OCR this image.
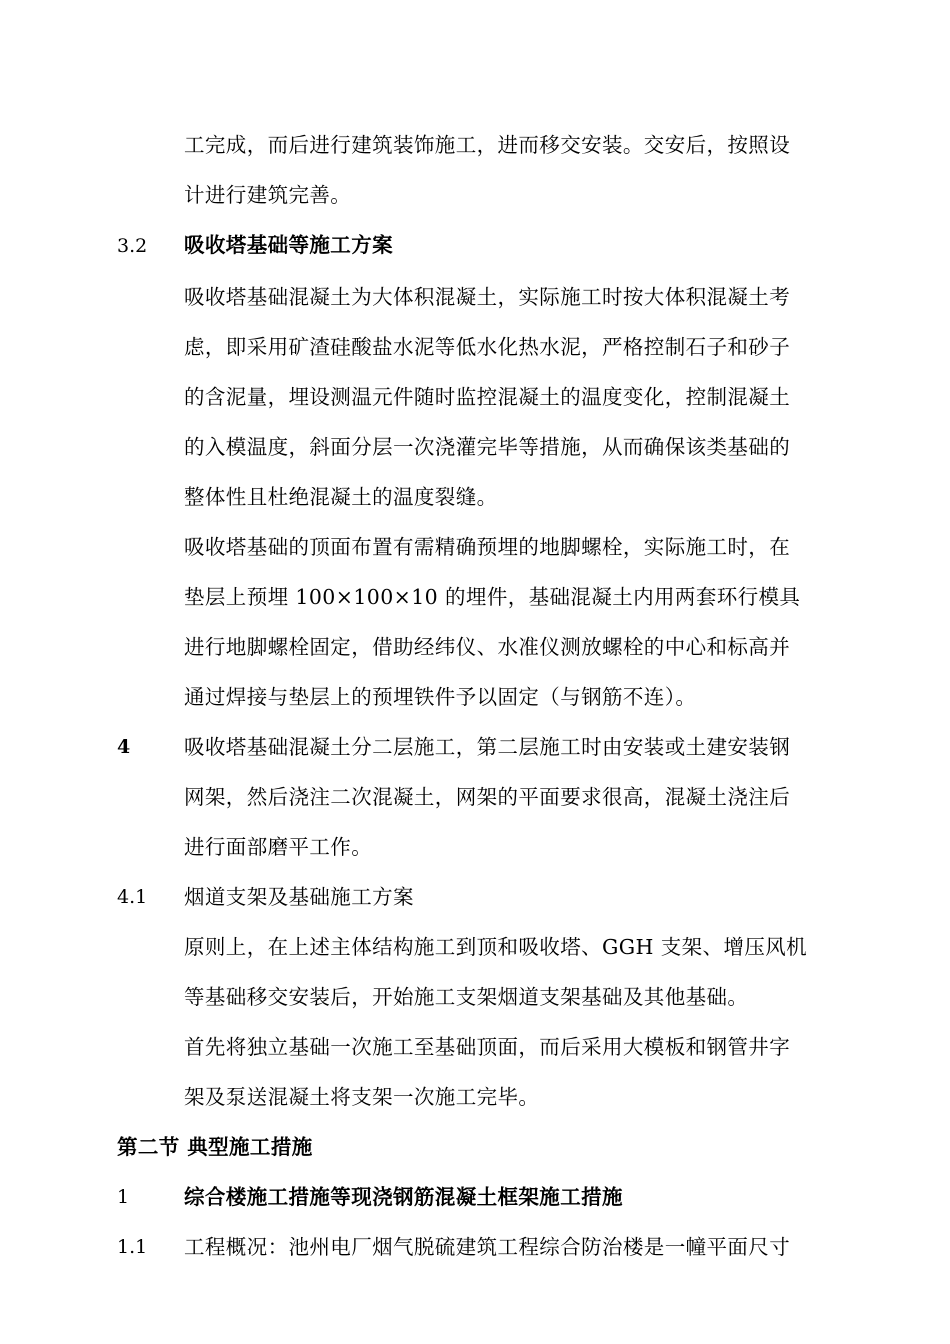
工完成，而后进行建筑装饰施工，进而移交安装。交安后，按照设
计进行建筑完善。
3.2 吸收塔基础等施工方案
吸收塔基础混凝土为大体积混凝土，实际施工时按大体积混凝土考
虑，即采用矿渣硅酸盐水泥等低水化热水泥，严格控制石子和砂子
的含泥量，埋设测温元件随时监控混凝土的温度变化，控制混凝土
的入模温度，斜面分层一次浇灌完毕等措施，从而确保该类基础的
整体性且杜绝混凝土的温度裂缝。
吸收塔基础的顶面布置有需精确预埋的地脚螺栓，实际施工时，在
垫层上预埋 100×100×10 的埋件，基础混凝土内用两套环行模具
进行地脚螺栓固定，借助经纬仪、水准仪测放螺栓的中心和标高并
通过焊接与垫层上的预埋铁件予以固定（与钢筋不连）。
4	吸收塔基础混凝土分二层施工，第二层施工时由安装或土建安装钢
网架，然后浇注二次混凝土，网架的平面要求很高，混凝土浇注后
进行面部磨平工作。
4.1 烟道支架及基础施工方案
原则上，在上述主体结构施工到顶和吸收塔、GGH 支架、增压风机
等基础移交安装后，开始施工支架烟道支架基础及其他基础。
首先将独立基础一次施工至基础顶面，而后采用大模板和钢管井字
架及泵送混凝土将支架一次施工完毕。
第二节 典型施工措施
1	综合楼施工措施等现浇钢筋混凝土框架施工措施
1.1 工程概况：池州电厂烟气脱硫建筑工程综合防治楼是一幢平面尺寸
